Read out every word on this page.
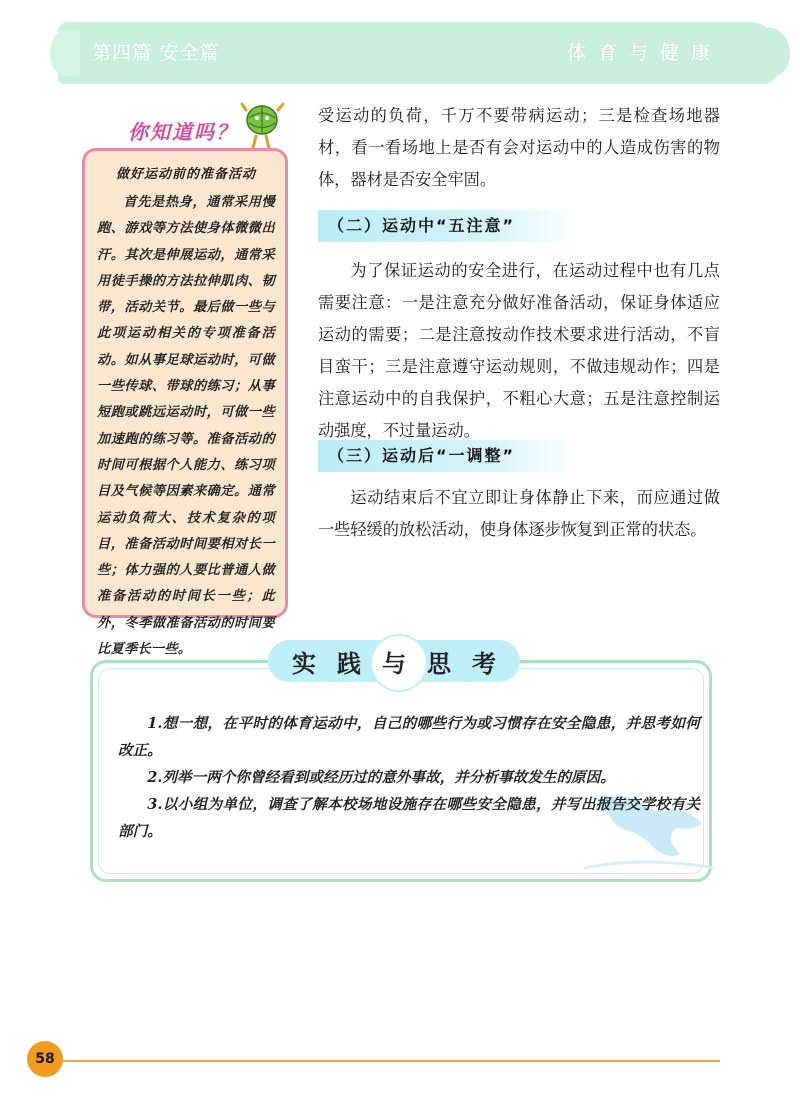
第四篇 安全篇	体育与健康
你知道吗？
做好运动前的准备活动

首先是热身，通常采用慢跑、游戏等方法使身体微微出汗。其次是伸展运动，通常采用徒手操的方法拉伸肌肉、韧带，活动关节。最后做一些与此项运动相关的专项准备活动。如从事足球运动时，可做一些传球、带球的练习；从事短跑或跳远运动时，可做一些加速跑的练习等。准备活动的时间可根据个人能力、练习项目及气候等因素来确定。通常运动负荷大、技术复杂的项目，准备活动时间要相对长一些；体力强的人要比普通人做准备活动的时间长一些；此外，冬季做准备活动的时间要比夏季长一些。

受运动的负荷，千万不要带病运动；三是检查场地器材，看一看场地上是否有会对运动中的人造成伤害的物体，器材是否安全牢固。

（二）运动中“五注意”

为了保证运动的安全进行，在运动过程中也有几点需要注意：一是注意充分做好准备活动，保证身体适应运动的需要；二是注意按动作技术要求进行活动，不盲目蛮干；三是注意遵守运动规则，不做违规动作；四是注意运动中的自我保护，不粗心大意；五是注意控制运动强度，不过量运动。

（三）运动后“一调整”

运动结束后不宜立即让身体静止下来，而应通过做一些轻缓的放松活动，使身体逐步恢复到正常的状态。

实 践 与 思 考

1.想一想，在平时的体育运动中，自己的哪些行为或习惯存在安全隐患，并思考如何改正。

2.列举一两个你曾经看到或经历过的意外事故，并分析事故发生的原因。

3.以小组为单位，调查了解本校场地设施存在哪些安全隐患，并写出报告交学校有关部门。

58
